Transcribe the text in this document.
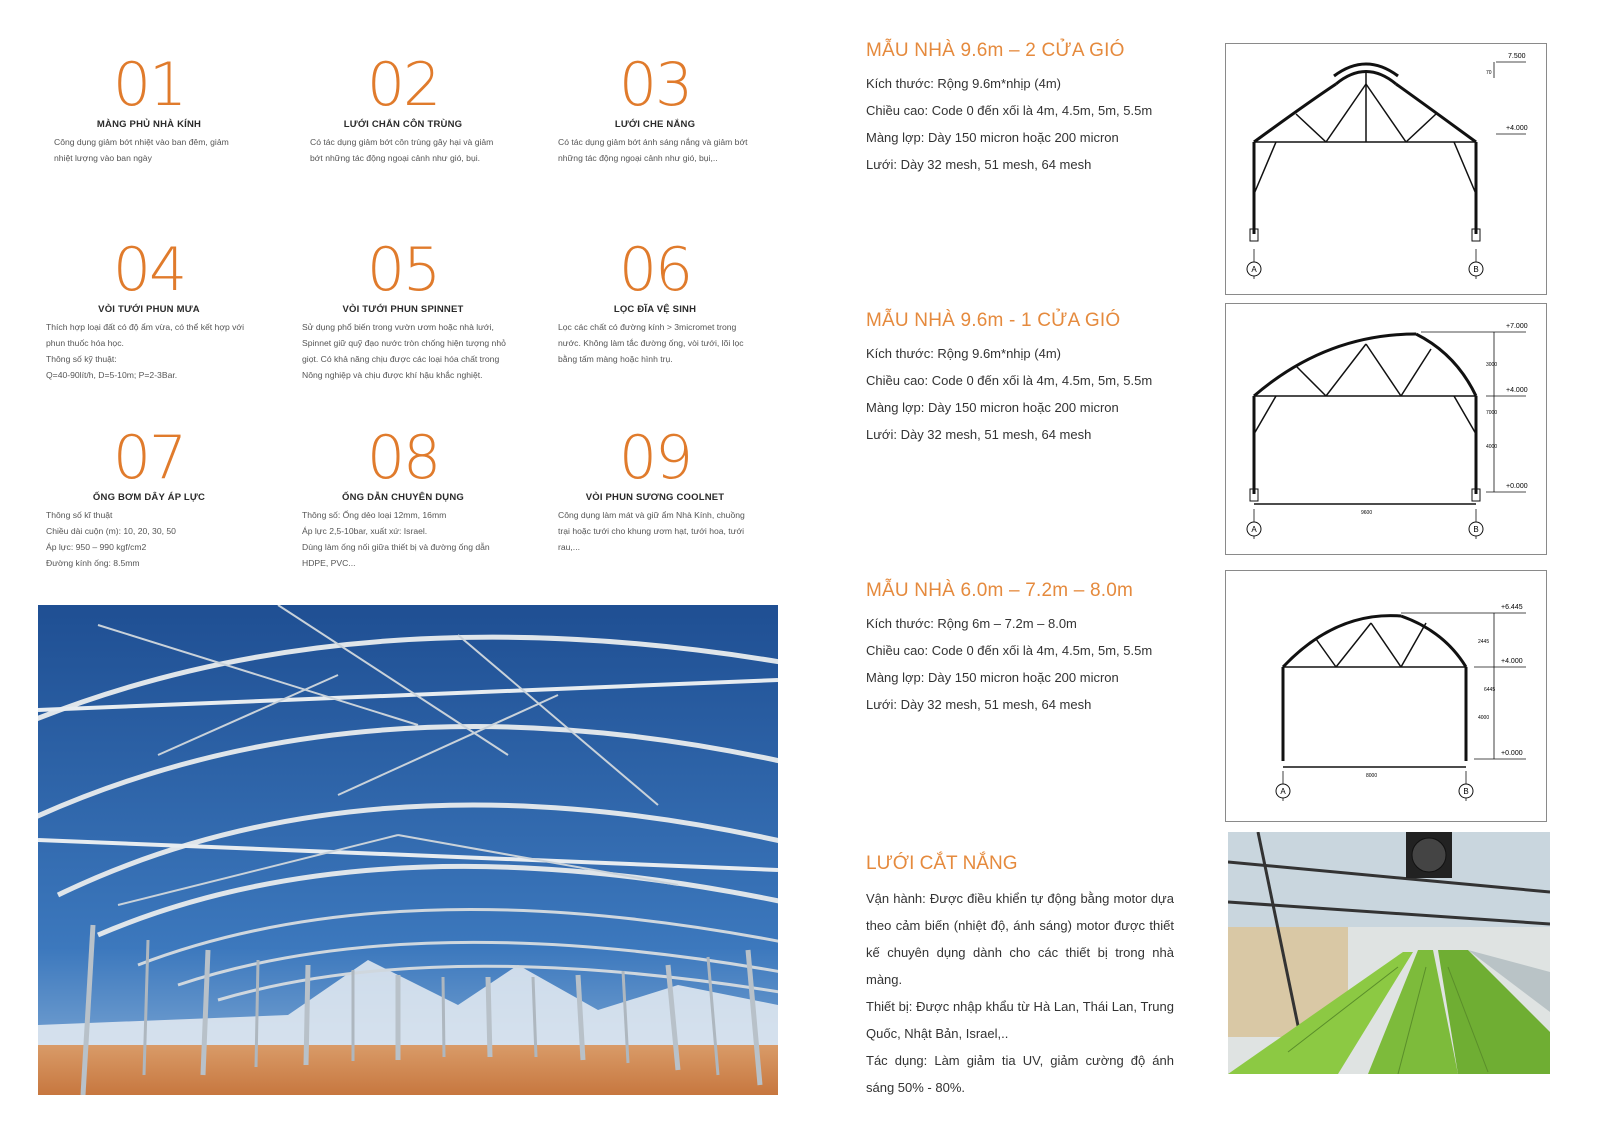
01
MÀNG PHỦ NHÀ KÍNH
Công dụng giảm bớt nhiệt vào ban đêm, giảm
nhiệt lượng vào ban ngày
02
LƯỚI CHẮN CÔN TRÙNG
Có tác dụng giảm bớt côn trùng gây hại và giảm
bớt những tác động ngoại cảnh như gió, bụi.
03
LƯỚI CHE NẮNG
Có tác dụng giảm bớt ánh sáng nắng và giảm bớt
những tác động ngoại cảnh như gió, bụi,..
04
VÒI TƯỚI PHUN MƯA
Thích hợp loại đất có độ ẩm vừa, có thể kết hợp với
phun thuốc hóa học.
Thông số kỹ thuật:
Q=40-90lít/h, D=5-10m; P=2-3Bar.
05
VÒI TƯỚI PHUN SPINNET
Sử dụng phổ biến trong vườn ươm hoặc nhà lưới,
Spinnet giữ quỹ đạo nước tròn chống hiện tượng nhỏ
giọt. Có khả năng chịu được các loại hóa chất trong
Nông nghiệp và chịu được khí hậu khắc nghiệt.
06
LỌC ĐĨA VỆ SINH
Lọc các chất có đường kính > 3micromet trong
nước. Không làm tắc đường ống, vòi tưới, lõi lọc
bằng tấm màng hoặc hình trụ.
07
ỐNG BƠM DÂY ÁP LỰC
Thông số kĩ thuật
Chiều dài cuộn (m): 10, 20, 30, 50
Áp lực: 950 – 990 kgf/cm2
Đường kính ống: 8.5mm
08
ỐNG DẪN CHUYÊN DỤNG
Thông số: Ống dẻo loại 12mm, 16mm
Áp lực 2,5-10bar, xuất xứ: Israel.
Dùng làm ống nối giữa thiết bị và đường ống dẫn
HDPE, PVC...
09
VÒI PHUN SƯƠNG COOLNET
Công dụng làm mát và giữ ẩm Nhà Kính, chuồng
trại hoặc tưới cho khung ươm hạt, tưới hoa, tưới
rau,...
MẪU NHÀ 9.6m – 2 CỬA GIÓ
Kích thước: Rộng 9.6m*nhịp (4m)
Chiều cao: Code 0 đến xối là 4m, 4.5m, 5m, 5.5m
Màng lợp: Dày 150 micron hoặc 200 micron
Lưới: Dày 32 mesh, 51 mesh, 64 mesh
MẪU NHÀ 9.6m - 1 CỬA GIÓ
Kích thước: Rộng 9.6m*nhịp (4m)
Chiều cao: Code 0 đến xối là 4m, 4.5m, 5m, 5.5m
Màng lợp: Dày 150 micron hoặc 200 micron
Lưới: Dày 32 mesh, 51 mesh, 64 mesh
MẪU NHÀ 6.0m – 7.2m – 8.0m
Kích thước: Rộng 6m – 7.2m – 8.0m
Chiều cao: Code 0 đến xối là 4m, 4.5m, 5m, 5.5m
Màng lợp: Dày 150 micron hoặc 200 micron
Lưới: Dày 32 mesh, 51 mesh, 64 mesh
A	B
7.500
+4.000
70
A	B
+7.000
+4.000
+0.000
3000
7000
4000
9600
A	B
+6.445
+4.000
+0.000
2445
6445
4000
8000
LƯỚI CẮT NẮNG
Vận hành: Được điều khiển tự động bằng motor dựa theo cảm biến (nhiệt độ, ánh sáng) motor được thiết kế chuyên dụng dành cho các thiết bị trong nhà màng.
Thiết bị: Được nhập khẩu từ Hà Lan, Thái Lan, Trung Quốc, Nhật Bản, Israel,..
Tác dụng: Làm giảm tia UV, giảm cường độ ánh sáng 50% - 80%.
